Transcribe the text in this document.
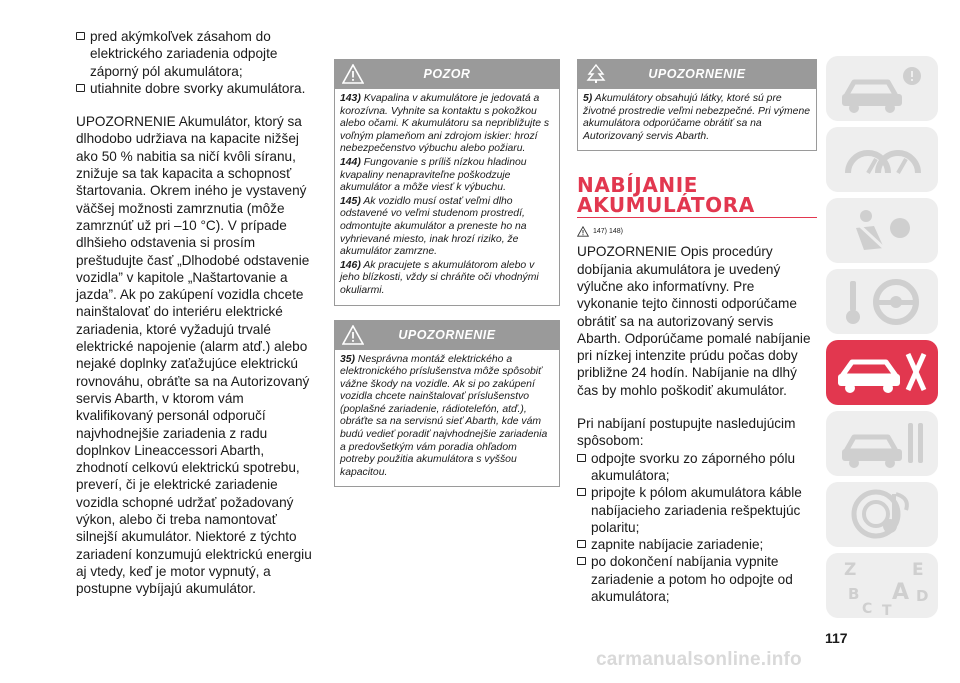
pred akýmkoľvek zásahom do elektrického zariadenia odpojte záporný pól akumulátora;
utiahnite dobre svorky akumulátora.

UPOZORNENIE Akumulátor, ktorý sa dlhodobo udržiava na kapacite nižšej ako 50 % nabitia sa ničí kvôli síranu, znižuje sa tak kapacita a schopnosť štartovania. Okrem iného je vystavený väčšej možnosti zamrznutia (môže zamrznúť už pri –10 °C). V prípade dlhšieho odstavenia si prosím preštudujte časť „Dlhodobé odstavenie vozidla” v kapitole „Naštartovanie a jazda”. Ak po zakúpení vozidla chcete nainštalovať do interiéru elektrické zariadenia, ktoré vyžadujú trvalé elektrické napojenie (alarm atď.) alebo nejaké doplnky zaťažujúce elektrickú rovnováhu, obráťte sa na Autorizovaný servis Abarth, v ktorom vám kvalifikovaný personál odporučí najvhodnejšie zariadenia z radu doplnkov Lineaccessori Abarth, zhodnotí celkovú elektrickú spotrebu, preverí, či je elektrické zariadenie vozidla schopné udržať požadovaný výkon, alebo či treba namontovať silnejší akumulátor. Niektoré z týchto zariadení konzumujú elektrickú energiu aj vtedy, keď je motor vypnutý, a postupne vybíjajú akumulátor.

POZOR

143) Kvapalina v akumulátore je jedovatá a korozívna. Vyhnite sa kontaktu s pokožkou alebo očami. K akumulátoru sa nepribližujte s voľným plameňom ani zdrojom iskier: hrozí nebezpečenstvo výbuchu alebo požiaru.

144) Fungovanie s príliš nízkou hladinou kvapaliny nenapraviteľne poškodzuje akumulátor a môže viesť k výbuchu.

145) Ak vozidlo musí ostať veľmi dlho odstavené vo veľmi studenom prostredí, odmontujte akumulátor a preneste ho na vyhrievané miesto, inak hrozí riziko, že akumulátor zamrzne.

146) Ak pracujete s akumulátorom alebo v jeho blízkosti, vždy si chráňte oči vhodnými okuliarmi.

UPOZORNENIE

35) Nesprávna montáž elektrického a elektronického príslušenstva môže spôsobiť vážne škody na vozidle. Ak si po zakúpení vozidla chcete nainštalovať príslušenstvo (poplašné zariadenie, rádiotelefón, atď.), obráťte sa na servisnú sieť Abarth, kde vám budú vedieť poradiť najvhodnejšie zariadenia a predovšetkým vám poradia ohľadom potreby použitia akumulátora s vyššou kapacitou.

UPOZORNENIE

5) Akumulátory obsahujú látky, ktoré sú pre životné prostredie veľmi nebezpečné. Pri výmene akumulátora odporúčame obrátiť sa na Autorizovaný servis Abarth.

NABÍJANIE
AKUMULÁTORA
147) 148)

UPOZORNENIE Opis procedúry dobíjania akumulátora je uvedený výlučne ako informatívny. Pre vykonanie tejto činnosti odporúčame obrátiť sa na autorizovaný servis Abarth. Odporúčame pomalé nabíjanie pri nízkej intenzite prúdu počas doby približne 24 hodín. Nabíjanie na dlhý čas by mohlo poškodiť akumulátor.

Pri nabíjaní postupujte nasledujúcim spôsobom:

odpojte svorku zo záporného pólu akumulátora;
pripojte k pólom akumulátora káble nabíjacieho zariadenia rešpektujúc polaritu;
zapnite nabíjacie zariadenie;
po dokončení nabíjania vypnite zariadenie a potom ho odpojte od akumulátora;
Z
B
C T
A
E
D
117
carmanualsonline.info
